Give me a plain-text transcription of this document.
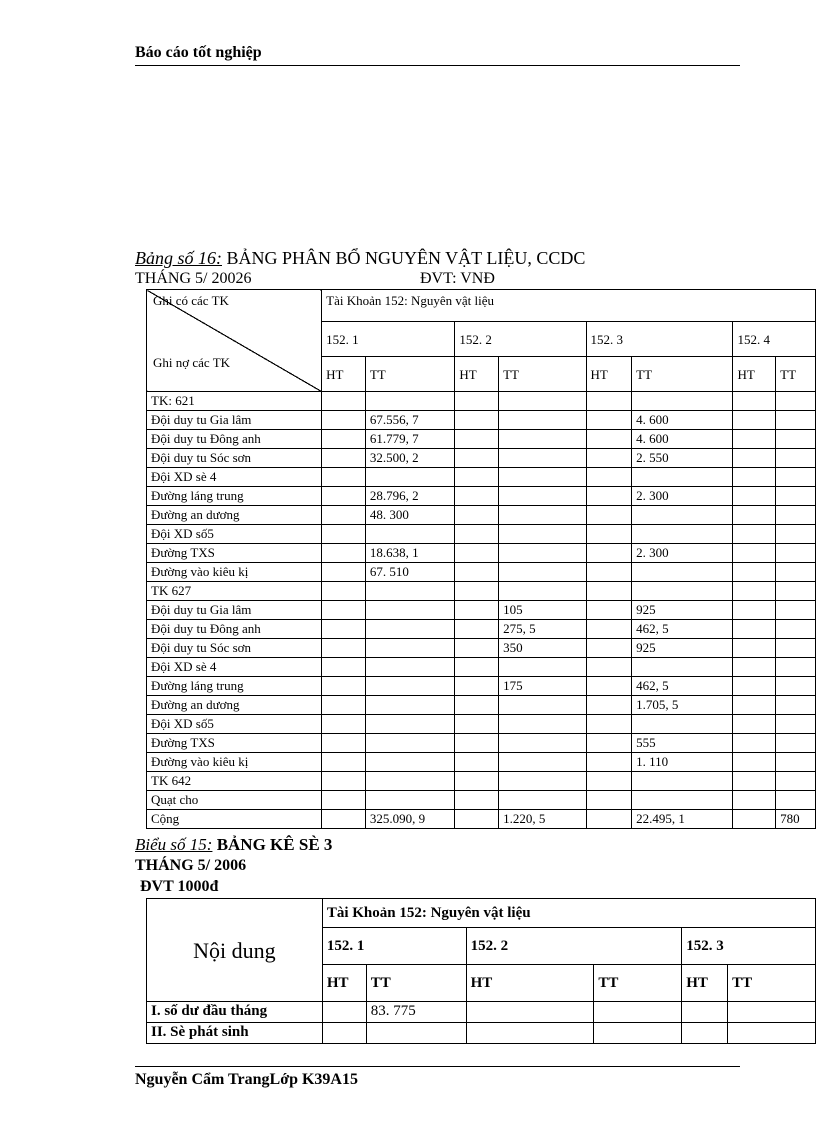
Báo cáo tốt nghiệp
Bảng số 16: BẢNG PHÂN BỔ NGUYÊN VẬT LIỆU, CCDC
THÁNG 5/ 20026	ĐVT: VNĐ
Ghi có các TK
Ghi nợ các TK	Tài Khoản 152: Nguyên vật liệu							
	152. 1		152. 2		152. 3		152. 4	
	HT	TT	HT	TT	HT	TT	HT	TT
TK: 621								
Đội duy tu Gia lâm		67.556, 7				4. 600		
Đội duy tu Đông anh		61.779, 7				4. 600		
Đội duy tu Sóc sơn		32.500, 2				2. 550		
Đội XD sè 4								
Đường láng trung		28.796, 2				2. 300		
Đường an dương		48. 300						
Đội XD số5								
Đường TXS		18.638, 1				2. 300		
Đường vào kiêu kị		67. 510						
TK 627								
Đội duy tu Gia lâm				105		925		
Đội duy tu Đông anh				275, 5		462, 5		
Đội duy tu Sóc sơn				350		925		
Đội XD sè 4								
Đường láng trung				175		462, 5		
Đường an dương						1.705, 5		
Đội XD số5								
Đường TXS						555		
Đường vào kiêu kị						1. 110		
TK 642								
Quạt cho								
Cộng		325.090, 9		1.220, 5		22.495, 1		780
Biểu số 15: BẢNG KÊ SÈ 3
THÁNG 5/ 2006
ĐVT 1000đ
Nội dung	Tài Khoản 152: Nguyên vật liệu					
	152. 1		152. 2		152. 3	
	HT	TT	HT	TT	HT	TT
I. số dư đầu tháng		83. 775				
II. Sè phát sinh						
Nguyễn Cẩm TrangLớp K39A15
